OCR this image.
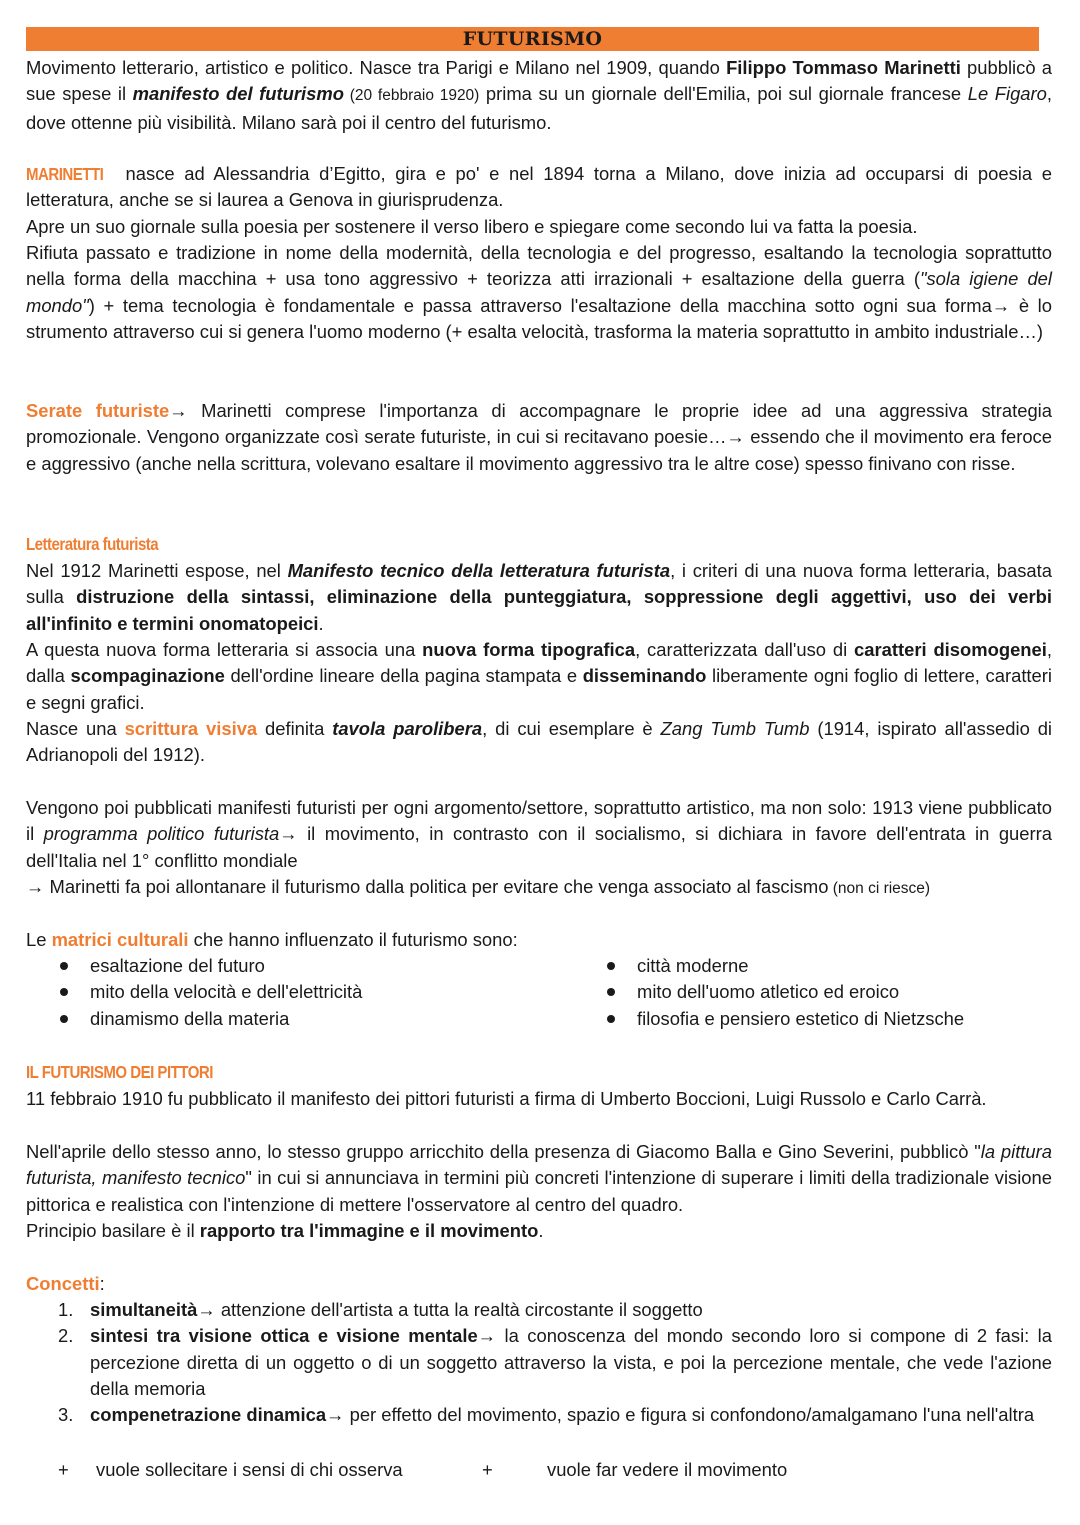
FUTURISMO
Movimento letterario, artistico e politico. Nasce tra Parigi e Milano nel 1909, quando Filippo Tommaso Marinetti pubblicò a sue spese il manifesto del futurismo (20 febbraio 1920) prima su un giornale dell'Emilia, poi sul giornale francese Le Figaro, dove ottenne più visibilità. Milano sarà poi il centro del futurismo.
MARINETTI nasce ad Alessandria d’Egitto, gira e po' e nel 1894 torna a Milano, dove inizia ad occuparsi di poesia e letteratura, anche se si laurea a Genova in giurisprudenza.
Apre un suo giornale sulla poesia per sostenere il verso libero e spiegare come secondo lui va fatta la poesia.
Rifiuta passato e tradizione in nome della modernità, della tecnologia e del progresso, esaltando la tecnologia soprattutto nella forma della macchina + usa tono aggressivo + teorizza atti irrazionali + esaltazione della guerra ("sola igiene del mondo") + tema tecnologia è fondamentale e passa attraverso l'esaltazione della macchina sotto ogni sua forma→ è lo strumento attraverso cui si genera l'uomo moderno (+ esalta velocità, trasforma la materia soprattutto in ambito industriale…)
Serate futuriste→ Marinetti comprese l'importanza di accompagnare le proprie idee ad una aggressiva strategia promozionale. Vengono organizzate così serate futuriste, in cui si recitavano poesie…→ essendo che il movimento era feroce e aggressivo (anche nella scrittura, volevano esaltare il movimento aggressivo tra le altre cose) spesso finivano con risse.
Letteratura futurista
Nel 1912 Marinetti espose, nel Manifesto tecnico della letteratura futurista, i criteri di una nuova forma letteraria, basata sulla distruzione della sintassi, eliminazione della punteggiatura, soppressione degli aggettivi, uso dei verbi all'infinito e termini onomatopeici.
A questa nuova forma letteraria si associa una nuova forma tipografica, caratterizzata dall'uso di caratteri disomogenei, dalla scompaginazione dell'ordine lineare della pagina stampata e disseminando liberamente ogni foglio di lettere, caratteri e segni grafici.
Nasce una scrittura visiva definita tavola parolibera, di cui esemplare è Zang Tumb Tumb (1914, ispirato all'assedio di Adrianopoli del 1912).
Vengono poi pubblicati manifesti futuristi per ogni argomento/settore, soprattutto artistico, ma non solo: 1913 viene pubblicato il programma politico futurista→ il movimento, in contrasto con il socialismo, si dichiara in favore dell'entrata in guerra dell'Italia nel 1° conflitto mondiale
→ Marinetti fa poi allontanare il futurismo dalla politica per evitare che venga associato al fascismo (non ci riesce)
Le matrici culturali che hanno influenzato il futurismo sono:
esaltazione del futuro
mito della velocità e dell'elettricità
dinamismo della materia
città moderne
mito dell'uomo atletico ed eroico
filosofia e pensiero estetico di Nietzsche
IL FUTURISMO DEI PITTORI
11 febbraio 1910 fu pubblicato il manifesto dei pittori futuristi a firma di Umberto Boccioni, Luigi Russolo e Carlo Carrà.
Nell'aprile dello stesso anno, lo stesso gruppo arricchito della presenza di Giacomo Balla e Gino Severini, pubblicò "la pittura futurista, manifesto tecnico" in cui si annunciava in termini più concreti l'intenzione di superare i limiti della tradizionale visione pittorica e realistica con l'intenzione di mettere l'osservatore al centro del quadro.
Principio basilare è il rapporto tra l'immagine e il movimento.
Concetti:
1. simultaneità→ attenzione dell'artista a tutta la realtà circostante il soggetto
2. sintesi tra visione ottica e visione mentale→ la conoscenza del mondo secondo loro si compone di 2 fasi: la percezione diretta di un oggetto o di un soggetto attraverso la vista, e poi la percezione mentale, che vede l'azione della memoria
3. compenetrazione dinamica→ per effetto del movimento, spazio e figura si confondono/amalgamano l'una nell'altra
+ vuole sollecitare i sensi di chi osserva	+	vuole far vedere il movimento
